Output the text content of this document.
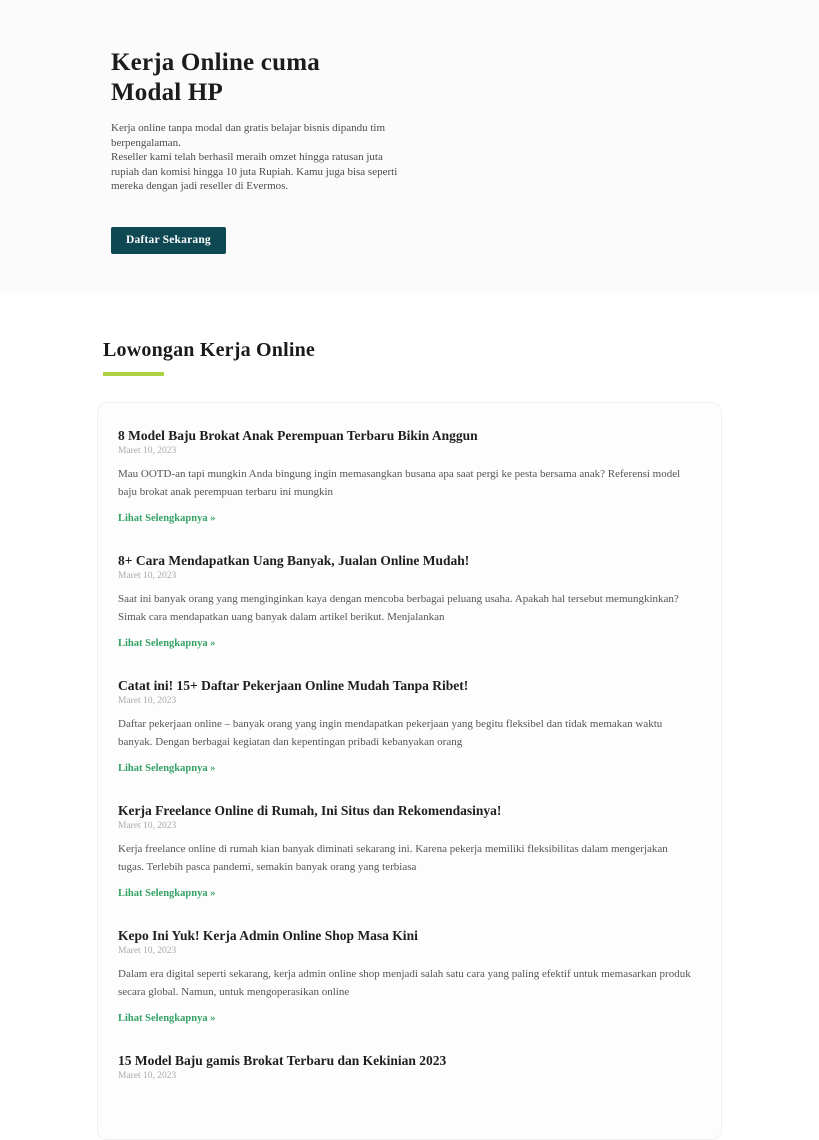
Kerja Online cuma Modal HP

Kerja online tanpa modal dan gratis belajar bisnis dipandu tim berpengalaman.

Reseller kami telah berhasil meraih omzet hingga ratusan juta rupiah dan komisi hingga 10 juta Rupiah. Kamu juga bisa seperti mereka dengan jadi reseller di Evermos.

Daftar Sekarang
Lowongan Kerja Online
8 Model Baju Brokat Anak Perempuan Terbaru Bikin Anggun

Maret 10, 2023

Mau OOTD-an tapi mungkin Anda bingung ingin memasangkan busana apa saat pergi ke pesta bersama anak? Referensi model baju brokat anak perempuan terbaru ini mungkin

Lihat Selengkapnya »
8+ Cara Mendapatkan Uang Banyak, Jualan Online Mudah!

Maret 10, 2023

Saat ini banyak orang yang menginginkan kaya dengan mencoba berbagai peluang usaha. Apakah hal tersebut memungkinkan? Simak cara mendapatkan uang banyak dalam artikel berikut. Menjalankan

Lihat Selengkapnya »
Catat ini! 15+ Daftar Pekerjaan Online Mudah Tanpa Ribet!

Maret 10, 2023

Daftar pekerjaan online – banyak orang yang ingin mendapatkan pekerjaan yang begitu fleksibel dan tidak memakan waktu banyak. Dengan berbagai kegiatan dan kepentingan pribadi kebanyakan orang

Lihat Selengkapnya »
Kerja Freelance Online di Rumah, Ini Situs dan Rekomendasinya!

Maret 10, 2023

Kerja freelance online di rumah kian banyak diminati sekarang ini. Karena pekerja memiliki fleksibilitas dalam mengerjakan tugas. Terlebih pasca pandemi, semakin banyak orang yang terbiasa

Lihat Selengkapnya »
Kepo Ini Yuk! Kerja Admin Online Shop Masa Kini

Maret 10, 2023

Dalam era digital seperti sekarang, kerja admin online shop menjadi salah satu cara yang paling efektif untuk memasarkan produk secara global. Namun, untuk mengoperasikan online

Lihat Selengkapnya »
15 Model Baju gamis Brokat Terbaru dan Kekinian 2023

Maret 10, 2023
